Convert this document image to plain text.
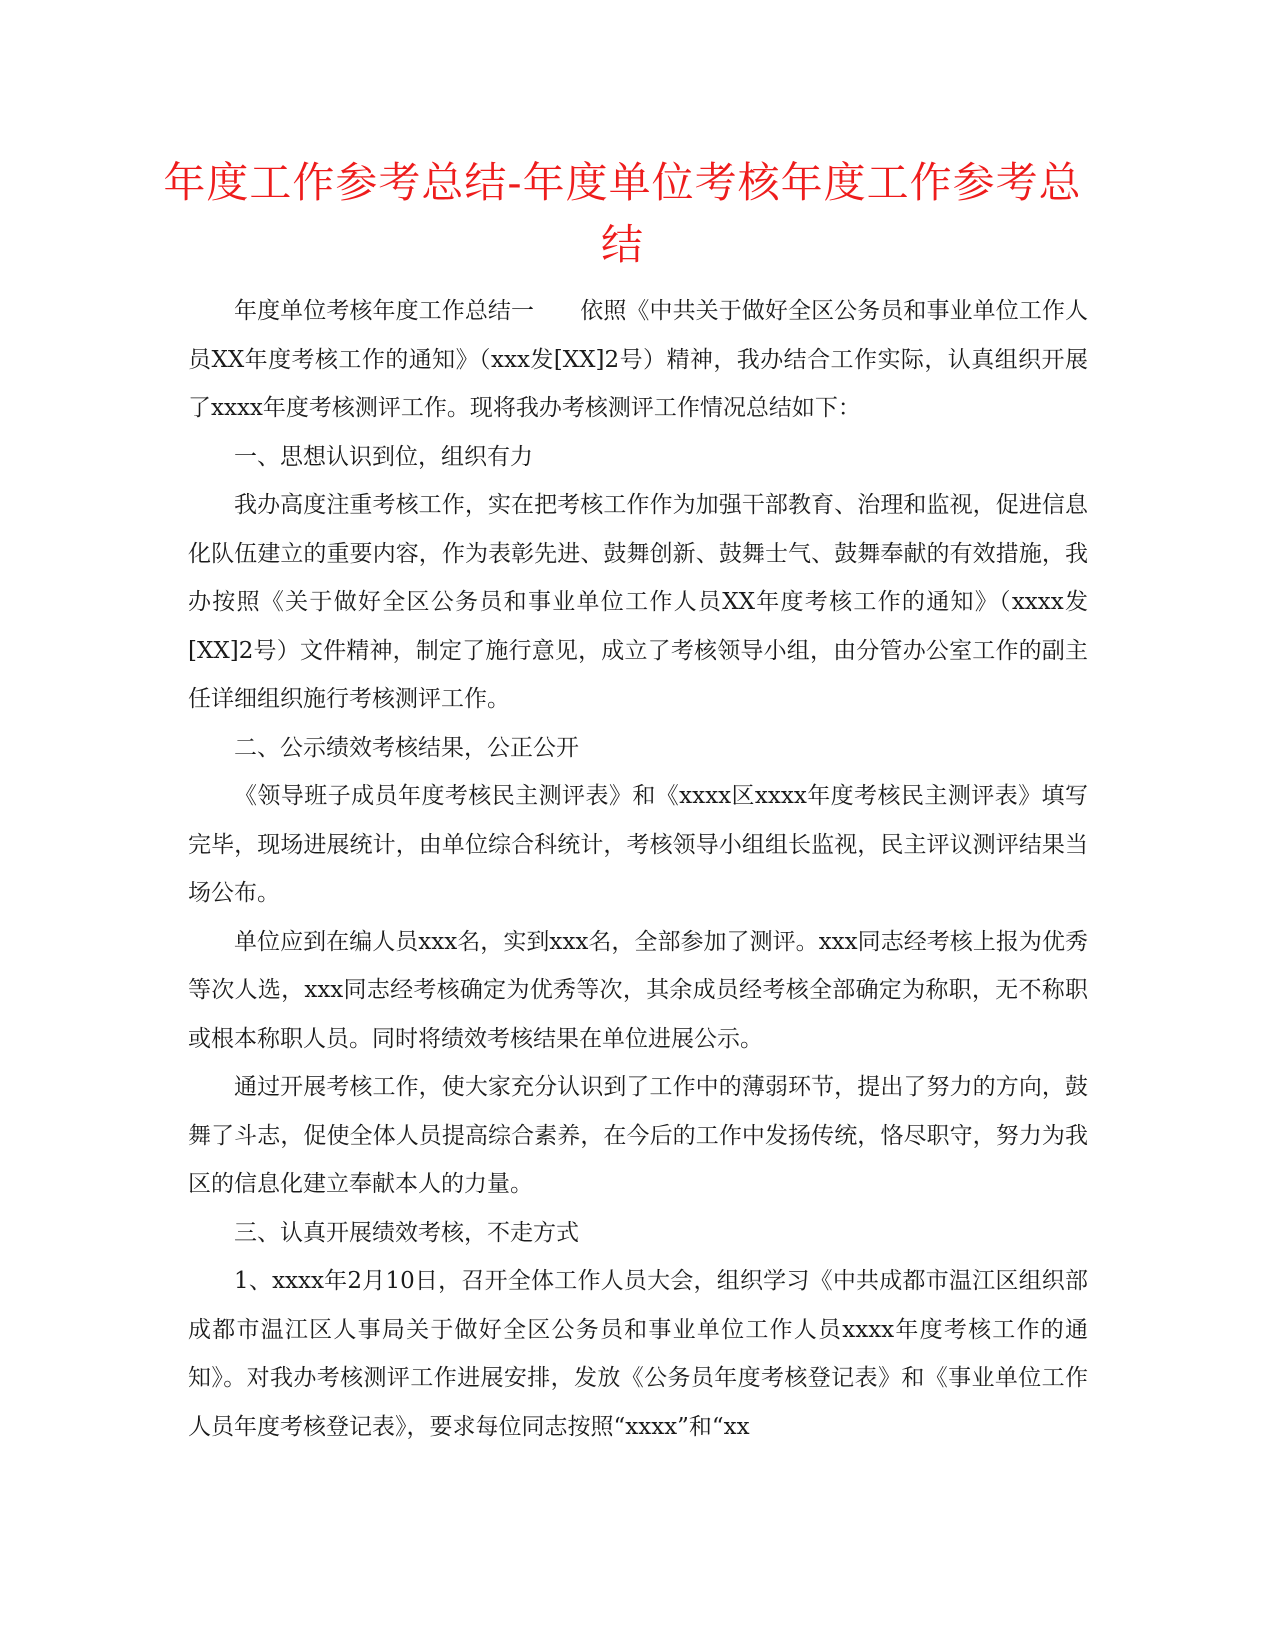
年度工作参考总结-年度单位考核年度工作参考总结

年度单位考核年度工作总结一　　依照《中共关于做好全区公务员和事业单位工作人员XX年度考核工作的通知》（xxx发[XX]2号）精神，我办结合工作实际，认真组织开展了xxxx年度考核测评工作。现将我办考核测评工作情况总结如下：

一、思想认识到位，组织有力

我办高度注重考核工作，实在把考核工作作为加强干部教育、治理和监视，促进信息化队伍建立的重要内容，作为表彰先进、鼓舞创新、鼓舞士气、鼓舞奉献的有效措施，我办按照《关于做好全区公务员和事业单位工作人员XX年度考核工作的通知》（xxxx发[XX]2号）文件精神，制定了施行意见，成立了考核领导小组，由分管办公室工作的副主任详细组织施行考核测评工作。

二、公示绩效考核结果，公正公开

《领导班子成员年度考核民主测评表》和《xxxx区xxxx年度考核民主测评表》填写完毕，现场进展统计，由单位综合科统计，考核领导小组组长监视，民主评议测评结果当场公布。

单位应到在编人员xxx名，实到xxx名，全部参加了测评。xxx同志经考核上报为优秀等次人选，xxx同志经考核确定为优秀等次，其余成员经考核全部确定为称职，无不称职或根本称职人员。同时将绩效考核结果在单位进展公示。

通过开展考核工作，使大家充分认识到了工作中的薄弱环节，提出了努力的方向，鼓舞了斗志，促使全体人员提高综合素养，在今后的工作中发扬传统，恪尽职守，努力为我区的信息化建立奉献本人的力量。

三、认真开展绩效考核，不走方式

1、xxxx年2月10日，召开全体工作人员大会，组织学习《中共成都市温江区组织部成都市温江区人事局关于做好全区公务员和事业单位工作人员xxxx年度考核工作的通知》。对我办考核测评工作进展安排，发放《公务员年度考核登记表》和《事业单位工作人员年度考核登记表》，要求每位同志按照“xxxx”和“xx
